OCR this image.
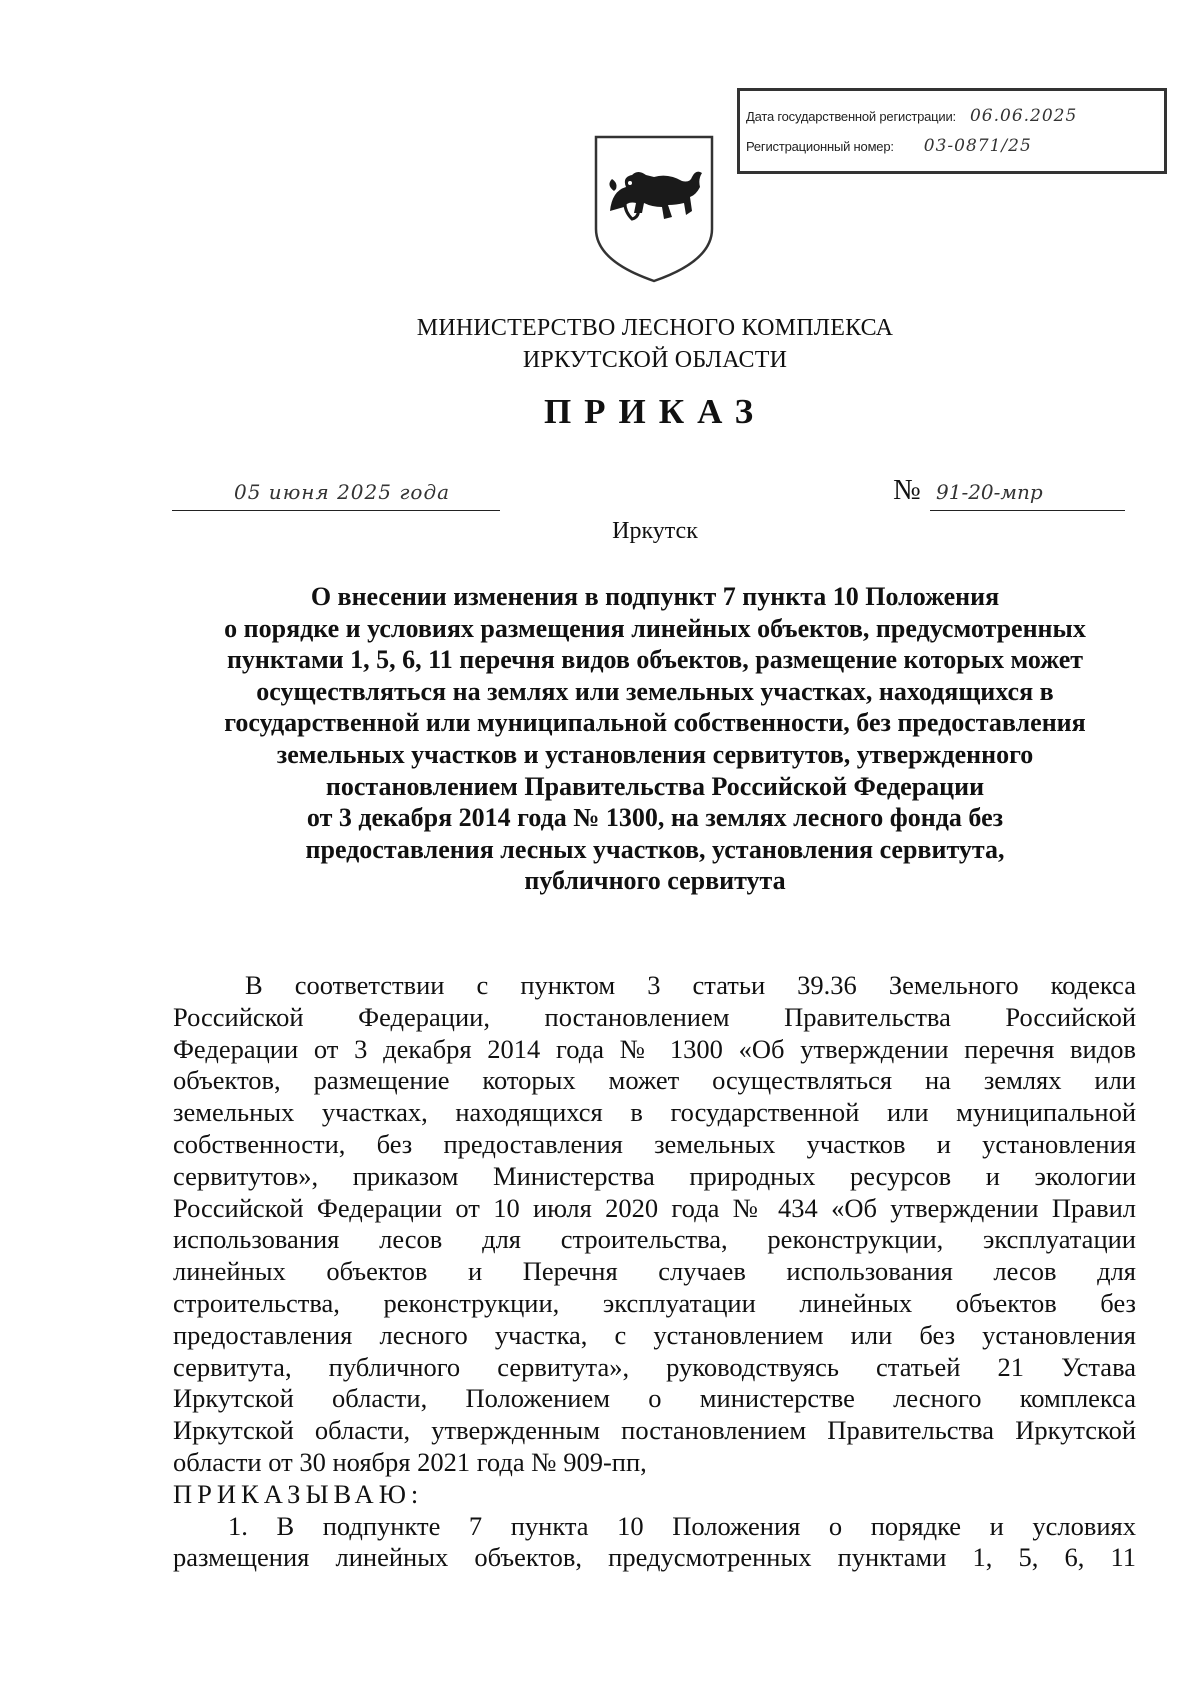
Дата государственной регистрации: 06.06.2025
Регистрационный номер: 03-0871/25
МИНИСТЕРСТВО ЛЕСНОГО КОМПЛЕКСА
ИРКУТСКОЙ ОБЛАСТИ
ПРИКАЗ
05 июня 2025 года	№ 91-20-мпр
Иркутск
О внесении изменения в подпункт 7 пункта 10 Положения
о порядке и условиях размещения линейных объектов, предусмотренных
пунктами 1, 5, 6, 11 перечня видов объектов, размещение которых может
осуществляться на землях или земельных участках, находящихся в
государственной или муниципальной собственности, без предоставления
земельных участков и установления сервитутов, утвержденного
постановлением Правительства Российской Федерации
от 3 декабря 2014 года № 1300, на землях лесного фонда без
предоставления лесных участков, установления сервитута,
публичного сервитута
В соответствии с пунктом 3 статьи 39.36 Земельного кодекса
Российской Федерации, постановлением Правительства Российской
Федерации от 3 декабря 2014 года № 1300 «Об утверждении перечня видов
объектов, размещение которых может осуществляться на землях или
земельных участках, находящихся в государственной или муниципальной
собственности, без предоставления земельных участков и установления
сервитутов», приказом Министерства природных ресурсов и экологии
Российской Федерации от 10 июля 2020 года № 434 «Об утверждении Правил
использования лесов для строительства, реконструкции, эксплуатации
линейных объектов и Перечня случаев использования лесов для
строительства, реконструкции, эксплуатации линейных объектов без
предоставления лесного участка, с установлением или без установления
сервитута, публичного сервитута», руководствуясь статьей 21 Устава
Иркутской области, Положением о министерстве лесного комплекса
Иркутской области, утвержденным постановлением Правительства Иркутской
области от 30 ноября 2021 года № 909-пп,
ПРИКАЗЫВАЮ:
1. В подпункте 7 пункта 10 Положения о порядке и условиях
размещения линейных объектов, предусмотренных пунктами 1, 5, 6, 11
